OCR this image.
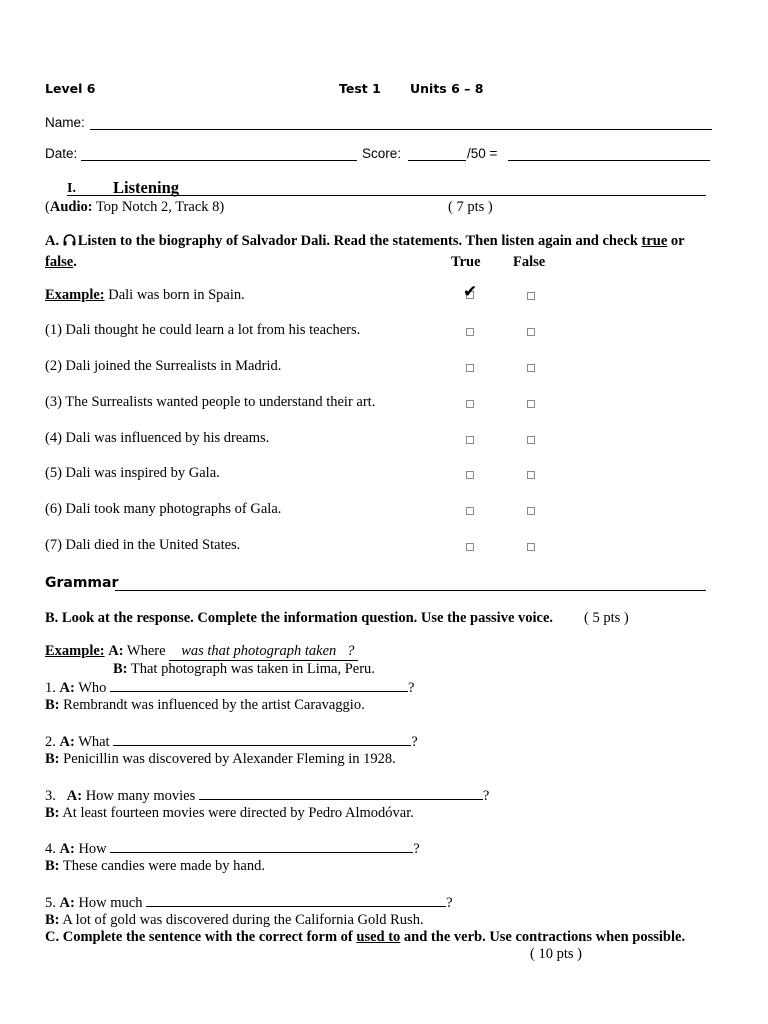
Level 6	Test 1 Units 6 – 8
Name:
Date:	Score:	/50 =
I. Listening
(Audio: Top Notch 2, Track 8)	( 7 pts )
A. Listen to the biography of Salvador Dali. Read the statements. Then listen again and check true or
false.	True False
Example: Dali was born in Spain.	✔
(1) Dali thought he could learn a lot from his teachers.
(2) Dali joined the Surrealists in Madrid.
(3) The Surrealists wanted people to understand their art.
(4) Dali was influenced by his dreams.
(5) Dali was inspired by Gala.
(6) Dali took many photographs of Gala.
(7) Dali died in the United States.
Grammar
B. Look at the response. Complete the information question. Use the passive voice. ( 5 pts )
Example: A: Where was that photograph taken ?
B: That photograph was taken in Lima, Peru.
1. A: Who	?
B: Rembrandt was influenced by the artist Caravaggio.
2. A: What	?
B: Penicillin was discovered by Alexander Fleming in 1928.
3. A: How many movies	?
B: At least fourteen movies were directed by Pedro Almodóvar.
4. A: How	?
B: These candies were made by hand.
5. A: How much	?
B: A lot of gold was discovered during the California Gold Rush.
C. Complete the sentence with the correct form of used to and the verb. Use contractions when possible.
( 10 pts )
